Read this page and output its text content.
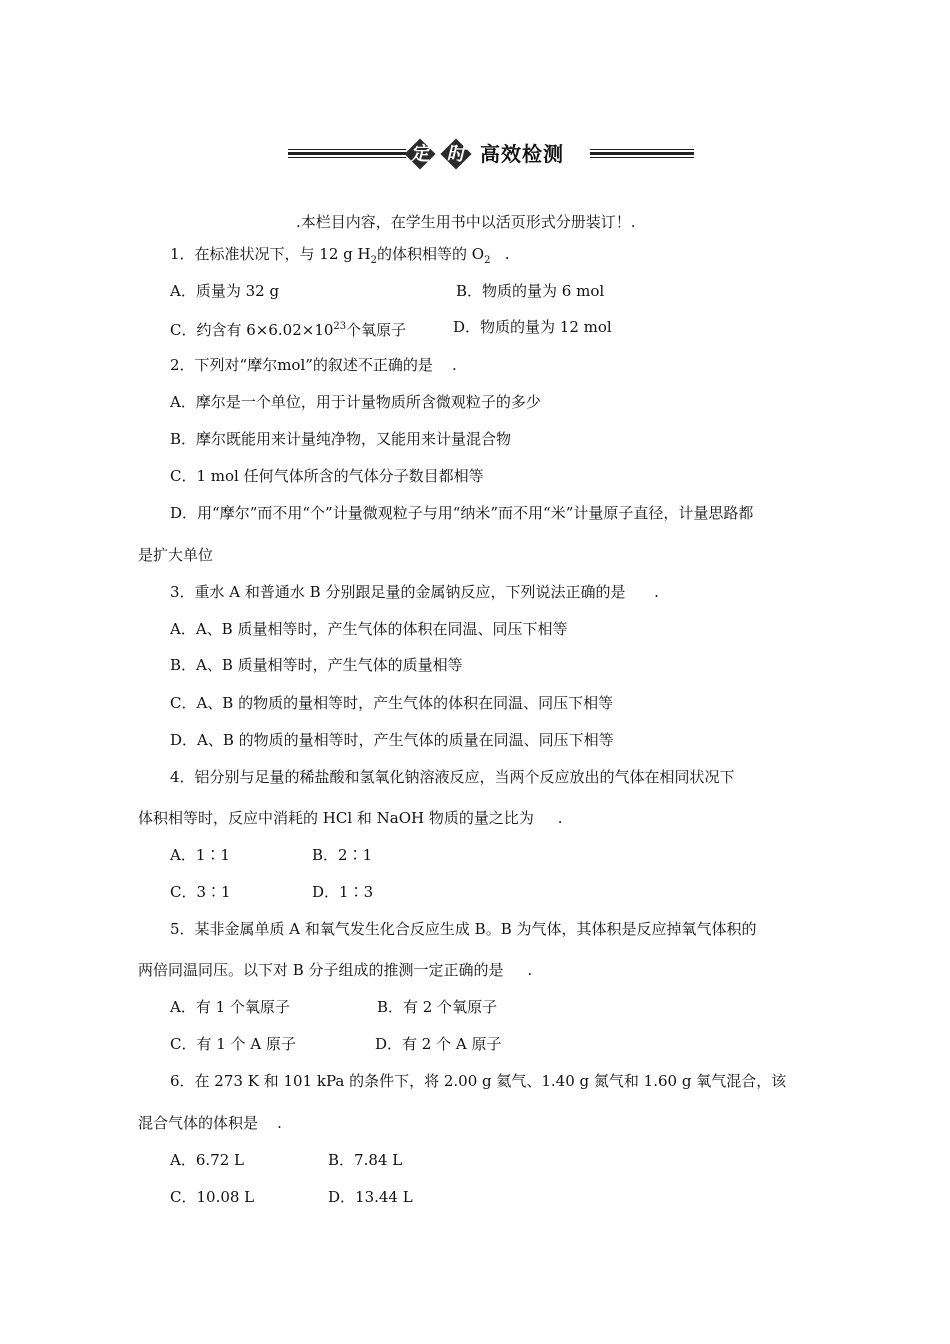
定 时 高效检测
.本栏目内容，在学生用书中以活页形式分册装订！.
1．在标准状况下，与 12 g $H_2$的体积相等的 $O_2$   .
A．质量为 32 g	B．物质的量为 6 mol
C．约含有 $6\times 6.02\times 10^{23}$个氧原子	D．物质的量为 12 mol
2．下列对“摩尔mol”的叙述不正确的是    .
A．摩尔是一个单位，用于计量物质所含微观粒子的多少
B．摩尔既能用来计量纯净物，又能用来计量混合物
C．1 mol 任何气体所含的气体分子数目都相等
D．用“摩尔”而不用“个”计量微观粒子与用“纳米”而不用“米”计量原子直径，计量思路都
是扩大单位
3．重水 A 和普通水 B 分别跟足量的金属钠反应，下列说法正确的是      .
A．A、B 质量相等时，产生气体的体积在同温、同压下相等
B．A、B 质量相等时，产生气体的质量相等
C．A、B 的物质的量相等时，产生气体的体积在同温、同压下相等
D．A、B 的物质的量相等时，产生气体的质量在同温、同压下相等
4．铝分别与足量的稀盐酸和氢氧化钠溶液反应，当两个反应放出的气体在相同状况下
体积相等时，反应中消耗的 HCl 和 NaOH 物质的量之比为     .
A．1∶1	B．2∶1
C．3∶1	D．1∶3
5．某非金属单质 A 和氧气发生化合反应生成 B。B 为气体，其体积是反应掉氧气体积的
两倍同温同压。以下对 B 分子组成的推测一定正确的是     .
A．有 1 个氧原子	B．有 2 个氧原子
C．有 1 个 A 原子	D．有 2 个 A 原子
6．在 273 K 和 101 kPa 的条件下，将 2.00 g 氦气、1.40 g 氮气和 1.60 g 氧气混合，该
混合气体的体积是    .
A．6.72 L	B．7.84 L
C．10.08 L	D．13.44 L
